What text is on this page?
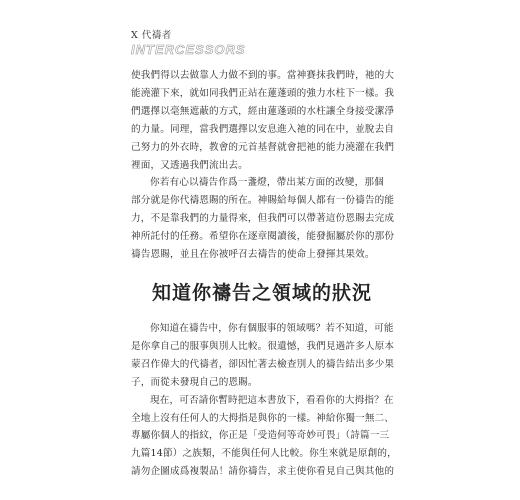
X 代禱者
INTERCESSORS

使我們得以去做靠人力做不到的事。當神賽抹我們時，祂的大

能澆灌下來，就如同我們正站在蓮蓬頭的強力水柱下一樣。我

們選擇以毫無遮蔽的方式，經由蓮蓬頭的水柱讓全身接受潔淨

的力量。同理，當我們選擇以安息進入祂的同在中，並脫去自

己努力的外衣時，教會的元首基督就會把祂的能力澆灌在我們

裡面，又透過我們流出去。

你若有心以禱告作爲一盞燈，帶出某方面的改變，那個

部分就是你代禱恩賜的所在。神賜給每個人都有一份禱告的能

力，不是靠我們的力量得來，但我們可以帶著這份恩賜去完成

神所託付的任務。希望你在逐章閱讀後，能發掘屬於你的那份

禱告恩賜，並且在你被呼召去禱告的使命上發揮其果效。

知道你禱告之領域的狀況

你知道在禱告中，你有個服事的領域嗎？若不知道，可能

是你拿自己的服事與別人比較。很遺憾，我們見過許多人原本

蒙召作偉大的代禱者，卻因忙著去檢查別人的禱告結出多少果

子，而從未發現自己的恩賜。

現在，可否請你暫時把這本書放下，看看你的大拇指？在

全地上沒有任何人的大拇指是與你的一樣。神給你獨一無二、

專屬你個人的指紋，你正是「受造何等奇妙可畏」（詩篇一三

九篇14節）之族類，不能與任何人比較。你生來就是原創的，

請勿企圖成爲複製品！請你禱告，求主使你看見自己與其他的
